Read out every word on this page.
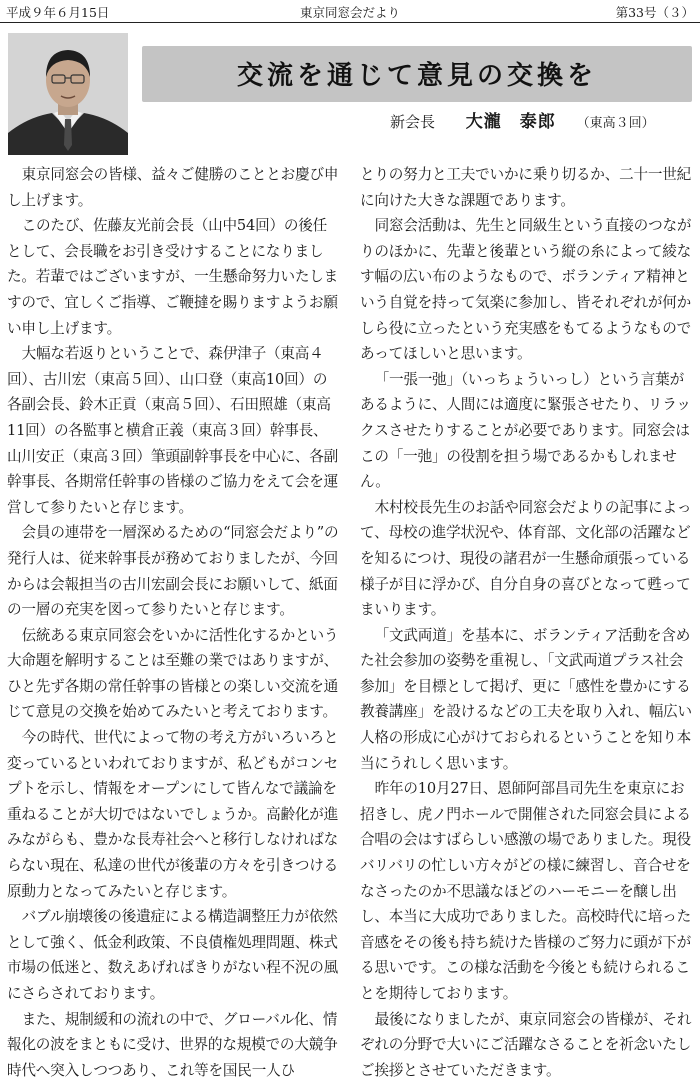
平成９年６月15日	東京同窓会だより	第33号（３）
交流を通じて意見の交換を
新会長 大瀧　泰郎 （東高３回）

東京同窓会の皆様、益々ご健勝のこととお慶び申し上げます。

このたび、佐藤友光前会長（山中54回）の後任として、会長職をお引き受けすることになりました。若輩ではございますが、一生懸命努力いたしますので、宜しくご指導、ご鞭撻を賜りますようお願い申し上げます。

大幅な若返りということで、森伊津子（東高４回）、古川宏（東高５回）、山口登（東高10回）の各副会長、鈴木正貢（東高５回）、石田照雄（東高11回）の各監事と横倉正義（東高３回）幹事長、山川安正（東高３回）筆頭副幹事長を中心に、各副幹事長、各期常任幹事の皆様のご協力をえて会を運営して参りたいと存じます。

会員の連帯を一層深めるための“同窓会だより”の発行人は、従来幹事長が務めておりましたが、今回からは会報担当の古川宏副会長にお願いして、紙面の一層の充実を図って参りたいと存じます。

伝統ある東京同窓会をいかに活性化するかという大命題を解明することは至難の業ではありますが、ひと先ず各期の常任幹事の皆様との楽しい交流を通じて意見の交換を始めてみたいと考えております。

今の時代、世代によって物の考え方がいろいろと変っているといわれておりますが、私どもがコンセプトを示し、情報をオープンにして皆んなで議論を重ねることが大切ではないでしょうか。高齢化が進みながらも、豊かな長寿社会へと移行しなければならない現在、私達の世代が後輩の方々を引きつける原動力となってみたいと存じます。

バブル崩壊後の後遺症による構造調整圧力が依然として強く、低金利政策、不良債権処理問題、株式市場の低迷と、数えあげればきりがない程不況の風にさらされております。

また、規制緩和の流れの中で、グローバル化、情報化の波をまともに受け、世界的な規模での大競争時代へ突入しつつあり、これ等を国民一人ひ

とりの努力と工夫でいかに乗り切るか、二十一世紀に向けた大きな課題であります。

同窓会活動は、先生と同級生という直接のつながりのほかに、先輩と後輩という縦の糸によって綾なす幅の広い布のようなもので、ボランティア精神という自覚を持って気楽に参加し、皆それぞれが何かしら役に立ったという充実感をもてるようなものであってほしいと思います。

「一張一弛」（いっちょういっし）という言葉があるように、人間には適度に緊張させたり、リラックスさせたりすることが必要であります。同窓会はこの「一弛」の役割を担う場であるかもしれません。

木村校長先生のお話や同窓会だよりの記事によって、母校の進学状況や、体育部、文化部の活躍などを知るにつけ、現役の諸君が一生懸命頑張っている様子が目に浮かび、自分自身の喜びとなって甦ってまいります。

「文武両道」を基本に、ボランティア活動を含めた社会参加の姿勢を重視し、「文武両道プラス社会参加」を目標として掲げ、更に「感性を豊かにする教養講座」を設けるなどの工夫を取り入れ、幅広い人格の形成に心がけておられるということを知り本当にうれしく思います。

昨年の10月27日、恩師阿部昌司先生を東京にお招きし、虎ノ門ホールで開催された同窓会員による合唱の会はすばらしい感激の場でありました。現役バリバリの忙しい方々がどの様に練習し、音合せをなさったのか不思議なほどのハーモニーを醸し出し、本当に大成功でありました。高校時代に培った音感をその後も持ち続けた皆様のご努力に頭が下がる思いです。この様な活動を今後とも続けられることを期待しております。

最後になりましたが、東京同窓会の皆様が、それぞれの分野で大いにご活躍なさることを祈念いたしご挨拶とさせていただきます。
